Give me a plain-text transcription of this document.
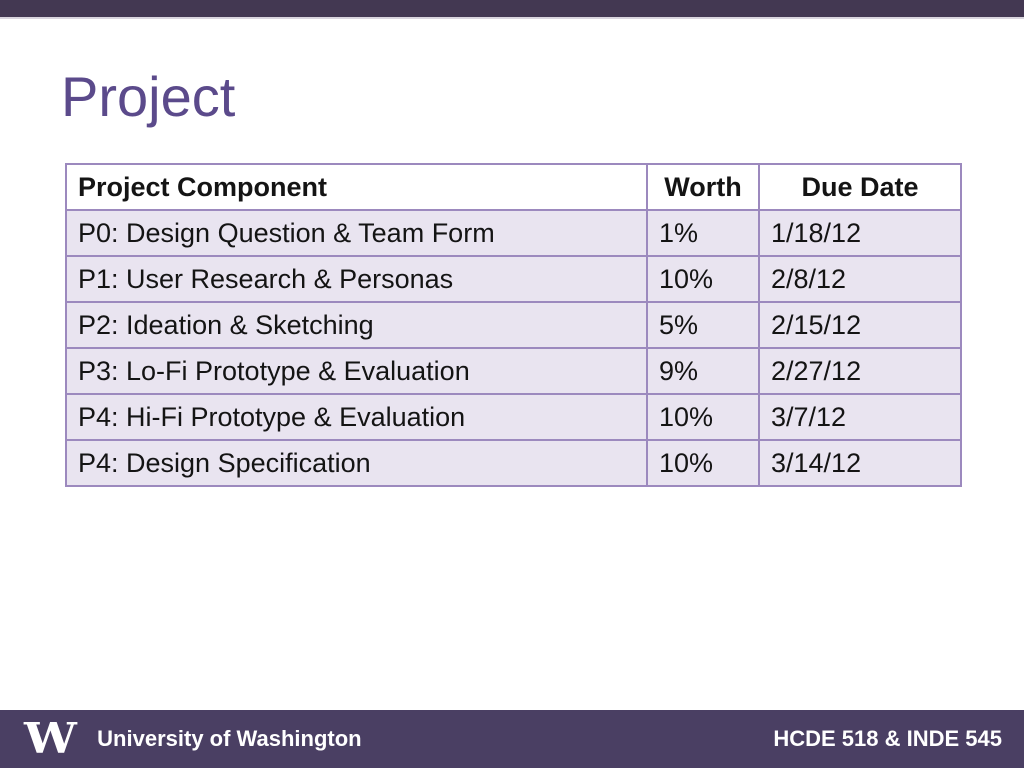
Project
Project Component	Worth	Due Date
P0: Design Question & Team Form	1%	1/18/12
P1: User Research & Personas	10%	2/8/12
P2: Ideation & Sketching	5%	2/15/12
P3: Lo-Fi Prototype & Evaluation	9%	2/27/12
P4: Hi-Fi Prototype & Evaluation	10%	3/7/12
P4: Design Specification	10%	3/14/12
W University of Washington	HCDE 518 & INDE 545
